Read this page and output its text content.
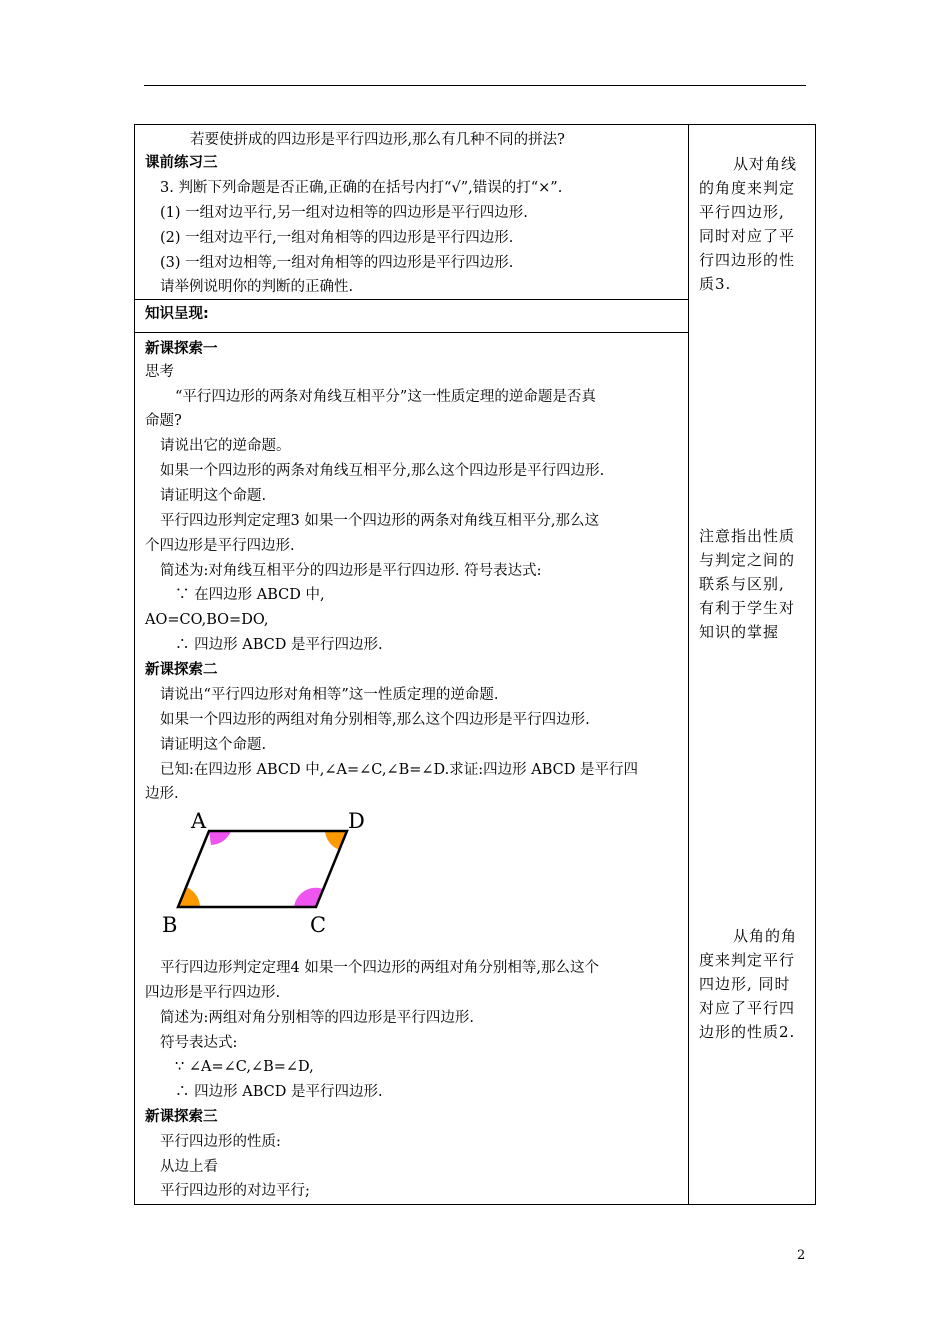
若要使拼成的四边形是平行四边形,那么有几种不同的拼法?
课前练习三
3. 判断下列命题是否正确,正确的在括号内打“√”,错误的打“×”.
(1) 一组对边平行,另一组对边相等的四边形是平行四边形.
(2) 一组对边平行,一组对角相等的四边形是平行四边形.
(3) 一组对边相等,一组对角相等的四边形是平行四边形.
请举例说明你的判断的正确性.
知识呈现:
新课探索一
思考
“平行四边形的两条对角线互相平分”这一性质定理的逆命题是否真
命题?
请说出它的逆命题。
如果一个四边形的两条对角线互相平分,那么这个四边形是平行四边形.
请证明这个命题.
平行四边形判定定理3 如果一个四边形的两条对角线互相平分,那么这
个四边形是平行四边形.
简述为:对角线互相平分的四边形是平行四边形. 符号表达式:
∵ 在四边形 ABCD 中,
AO=CO,BO=DO,
∴ 四边形 ABCD 是平行四边形.
新课探索二
请说出“平行四边形对角相等”这一性质定理的逆命题.
如果一个四边形的两组对角分别相等,那么这个四边形是平行四边形.
请证明这个命题.
已知:在四边形 ABCD 中,∠A=∠C,∠B=∠D.求证:四边形 ABCD 是平行四
边形.
A	D
B	C
平行四边形判定定理4 如果一个四边形的两组对角分别相等,那么这个
四边形是平行四边形.
简述为:两组对角分别相等的四边形是平行四边形.
符号表达式:
∵ ∠A=∠C,∠B=∠D,
∴ 四边形 ABCD 是平行四边形.
新课探索三
平行四边形的性质:
从边上看
平行四边形的对边平行;
从对角线
的角度来判定
平行四边形,
同时对应了平
行四边形的性
质3.
注意指出性质
与判定之间的
联系与区别,
有利于学生对
知识的掌握
从角的角
度来判定平行
四边形, 同时
对应了平行四
边形的性质2.
2
